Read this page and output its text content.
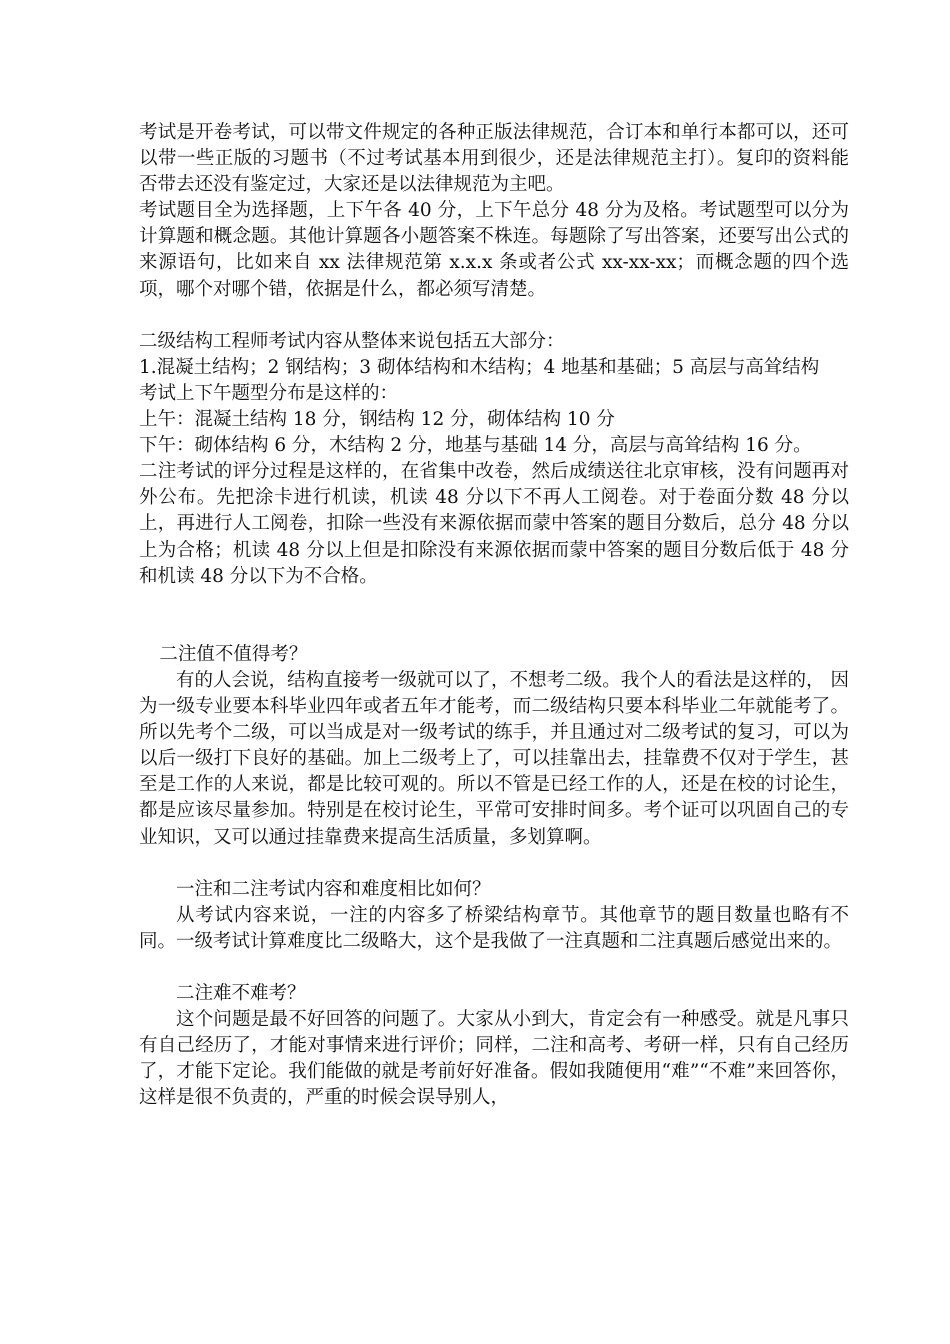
考试是开卷考试，可以带文件规定的各种正版法律规范，合订本和单行本都可以，还可以带一些正版的习题书（不过考试基本用到很少，还是法律规范主打）。复印的资料能否带去还没有鉴定过，大家还是以法律规范为主吧。

考试题目全为选择题，上下午各 40 分，上下午总分 48 分为及格。考试题型可以分为计算题和概念题。其他计算题各小题答案不株连。每题除了写出答案，还要写出公式的来源语句，比如来自 xx 法律规范第 x.x.x 条或者公式 xx-xx-xx；而概念题的四个选项，哪个对哪个错，依据是什么，都必须写清楚。

二级结构工程师考试内容从整体来说包括五大部分：

1.混凝土结构；2 钢结构；3 砌体结构和木结构；4 地基和基础；5 高层与高耸结构

考试上下午题型分布是这样的：

上午：混凝土结构 18 分，钢结构 12 分，砌体结构 10 分

下午：砌体结构 6 分，木结构 2 分，地基与基础 14 分，高层与高耸结构 16 分。

二注考试的评分过程是这样的，在省集中改卷，然后成绩送往北京审核，没有问题再对外公布。先把涂卡进行机读，机读 48 分以下不再人工阅卷。对于卷面分数 48 分以上，再进行人工阅卷，扣除一些没有来源依据而蒙中答案的题目分数后，总分 48 分以上为合格；机读 48 分以上但是扣除没有来源依据而蒙中答案的题目分数后低于 48 分和机读 48 分以下为不合格。

二注值不值得考？

有的人会说，结构直接考一级就可以了，不想考二级。我个人的看法是这样的， 因为一级专业要本科毕业四年或者五年才能考，而二级结构只要本科毕业二年就能考了。所以先考个二级，可以当成是对一级考试的练手，并且通过对二级考试的复习，可以为以后一级打下良好的基础。加上二级考上了，可以挂靠出去，挂靠费不仅对于学生，甚至是工作的人来说，都是比较可观的。所以不管是已经工作的人，还是在校的讨论生，都是应该尽量参加。特别是在校讨论生，平常可安排时间多。考个证可以巩固自己的专业知识，又可以通过挂靠费来提高生活质量，多划算啊。

一注和二注考试内容和难度相比如何？

从考试内容来说，一注的内容多了桥梁结构章节。其他章节的题目数量也略有不同。一级考试计算难度比二级略大，这个是我做了一注真题和二注真题后感觉出来的。

二注难不难考？

这个问题是最不好回答的问题了。大家从小到大，肯定会有一种感受。就是凡事只有自己经历了，才能对事情来进行评价；同样，二注和高考、考研一样，只有自己经历了，才能下定论。我们能做的就是考前好好准备。假如我随便用“难”“不难”来回答你，这样是很不负责的，严重的时候会误导别人，
